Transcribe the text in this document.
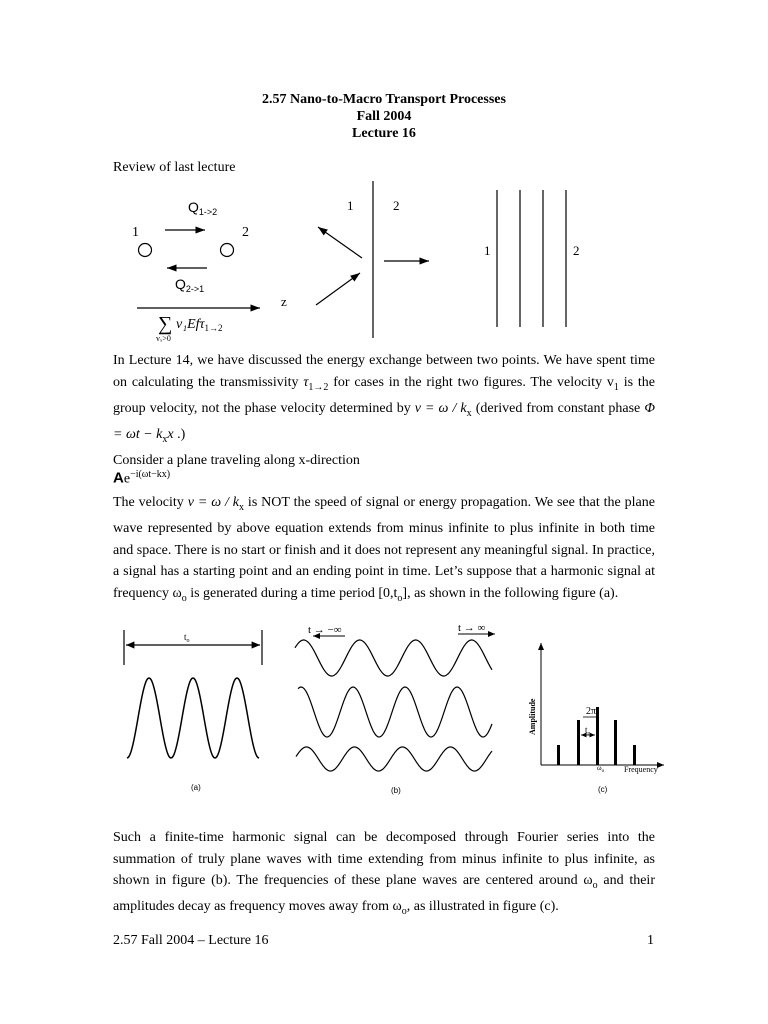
2.57 Nano-to-Macro Transport Processes
Fall 2004
Lecture 16
Review of last lecture
$Q_{1->2}$
1	2
$Q_{2->1}$
z
∑ v₁Efτ$_{1\to 2}$
vₓ>0
1	2
1	2
In Lecture 14, we have discussed the energy exchange between two points. We have spent time on calculating the transmissivity $\tau_{1\to 2}$ for cases in the right two figures. The velocity $v_1$ is the group velocity, not the phase velocity determined by $v = \omega / k_x$ (derived from constant phase $\Phi = \omega t - k_xx$ .)
Consider a plane traveling along x-direction
$Ae^{-i(\omega t-kx)}$
The velocity $v = \omega / k_x$ is NOT the speed of signal or energy propagation. We see that the plane wave represented by above equation extends from minus infinite to plus infinite in both time and space. There is no start or finish and it does not represent any meaningful signal. In practice, a signal has a starting point and an ending point in time. Let’s suppose that a harmonic signal at frequency $\omega_o$ is generated during a time period $[0,t_o]$, as shown in the following figure (a).
$t_o$
(a)
t → −∞	t → ∞
(b)
Amplitude
Frequency
2π
$t_o$
$\omega_o$
(c)
Such a finite-time harmonic signal can be decomposed through Fourier series into the summation of truly plane waves with time extending from minus infinite to plus infinite, as shown in figure (b). The frequencies of these plane waves are centered around $\omega_o$ and their amplitudes decay as frequency moves away from $\omega_o$, as illustrated in figure (c).
2.57 Fall 2004 – Lecture 16	1
